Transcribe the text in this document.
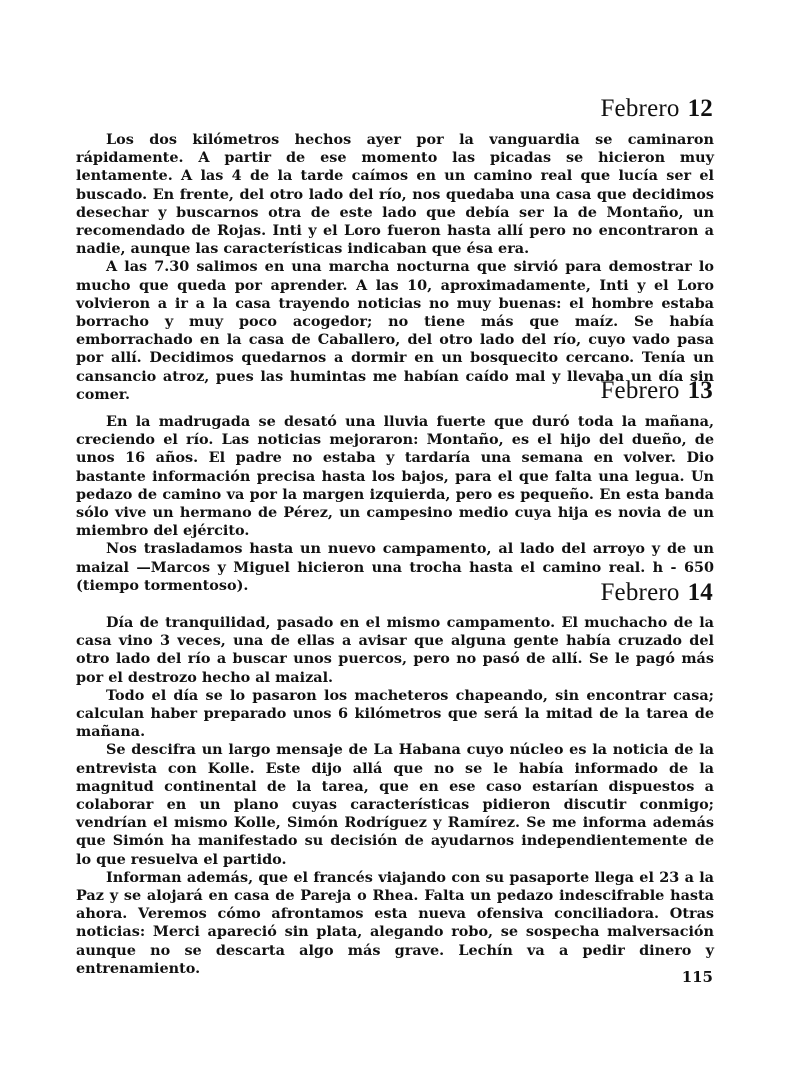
Febrero 12

Los dos kilómetros hechos ayer por la vanguardia se caminaron rápidamente. A partir de ese momento las picadas se hicieron muy lentamente. A las 4 de la tarde caímos en un camino real que lucía ser el buscado. En frente, del otro lado del río, nos quedaba una casa que decidimos desechar y buscarnos otra de este lado que debía ser la de Montaño, un recomendado de Rojas. Inti y el Loro fueron hasta allí pero no encontraron a nadie, aunque las características indicaban que ésa era.

A las 7.30 salimos en una marcha nocturna que sirvió para demostrar lo mucho que queda por aprender. A las 10, aproximadamente, Inti y el Loro volvieron a ir a la casa trayendo noticias no muy buenas: el hombre estaba borracho y muy poco acogedor; no tiene más que maíz. Se había emborrachado en la casa de Caballero, del otro lado del río, cuyo vado pasa por allí. Decidimos quedarnos a dormir en un bosquecito cercano. Tenía un cansancio atroz, pues las humintas me habían caído mal y llevaba un día sin comer.	Febrero 13

En la madrugada se desató una lluvia fuerte que duró toda la mañana, creciendo el río. Las noticias mejoraron: Montaño, es el hijo del dueño, de unos 16 años. El padre no estaba y tardaría una semana en volver. Dio bastante información precisa hasta los bajos, para el que falta una legua. Un pedazo de camino va por la margen izquierda, pero es pequeño. En esta banda sólo vive un hermano de Pérez, un campesino medio cuya hija es novia de un miembro del ejército.

Nos trasladamos hasta un nuevo campamento, al lado del arroyo y de un maizal —Marcos y Miguel hicieron una trocha hasta el camino real. h - 650 (tiempo tormentoso).	Febrero 14

Día de tranquilidad, pasado en el mismo campamento. El muchacho de la casa vino 3 veces, una de ellas a avisar que alguna gente había cruzado del otro lado del río a buscar unos puercos, pero no pasó de allí. Se le pagó más por el destrozo hecho al maizal.

Todo el día se lo pasaron los macheteros chapeando, sin encontrar casa; calculan haber preparado unos 6 kilómetros que será la mitad de la tarea de mañana.

Se descifra un largo mensaje de La Habana cuyo núcleo es la noticia de la entrevista con Kolle. Este dijo allá que no se le había informado de la magnitud continental de la tarea, que en ese caso estarían dispuestos a colaborar en un plano cuyas características pidieron discutir conmigo; vendrían el mismo Kolle, Simón Rodríguez y Ramírez. Se me informa además que Simón ha manifestado su decisión de ayudarnos independientemente de lo que resuelva el partido.

Informan además, que el francés viajando con su pasaporte llega el 23 a la Paz y se alojará en casa de Pareja o Rhea. Falta un pedazo indescifrable hasta ahora. Veremos cómo afrontamos esta nueva ofensiva conciliadora. Otras noticias: Merci apareció sin plata, alegando robo, se sospecha malversación aunque no se descarta algo más grave. Lechín va a pedir dinero y entrenamiento.	115
